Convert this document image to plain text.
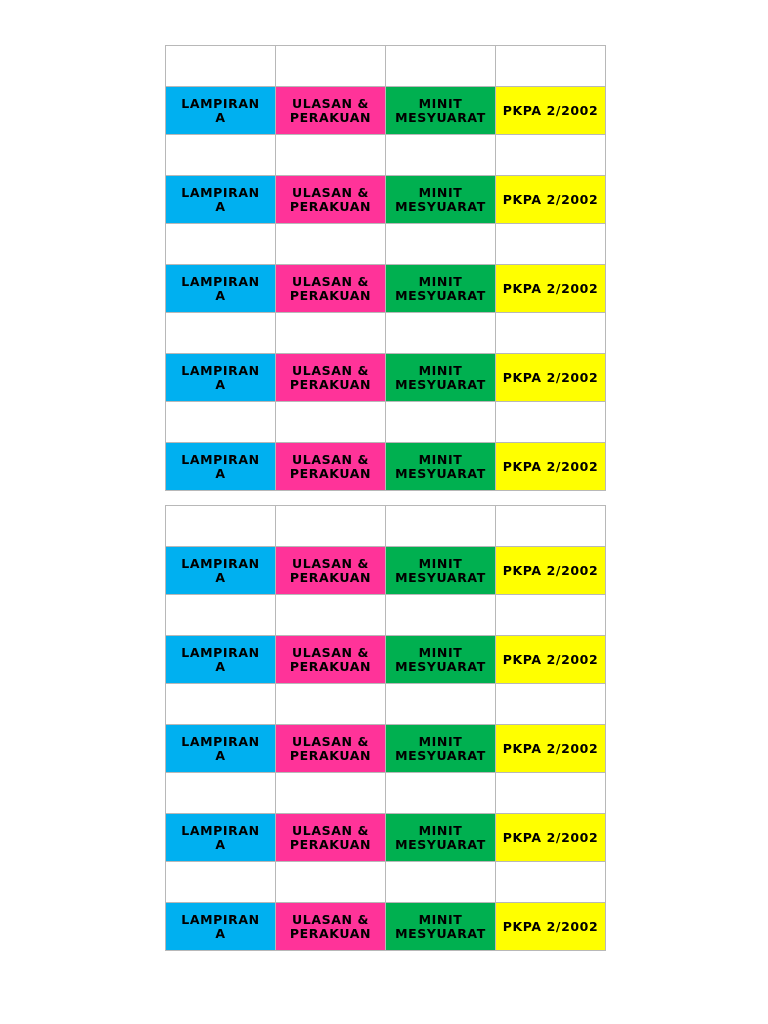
LAMPIRAN A	ULASAN & PERAKUAN	MINIT MESYUARAT	PKPA 2/2002

LAMPIRAN A	ULASAN & PERAKUAN	MINIT MESYUARAT	PKPA 2/2002

LAMPIRAN A	ULASAN & PERAKUAN	MINIT MESYUARAT	PKPA 2/2002

LAMPIRAN A	ULASAN & PERAKUAN	MINIT MESYUARAT	PKPA 2/2002

LAMPIRAN A	ULASAN & PERAKUAN	MINIT MESYUARAT	PKPA 2/2002

LAMPIRAN A	ULASAN & PERAKUAN	MINIT MESYUARAT	PKPA 2/2002

LAMPIRAN A	ULASAN & PERAKUAN	MINIT MESYUARAT	PKPA 2/2002

LAMPIRAN A	ULASAN & PERAKUAN	MINIT MESYUARAT	PKPA 2/2002

LAMPIRAN A	ULASAN & PERAKUAN	MINIT MESYUARAT	PKPA 2/2002

LAMPIRAN A	ULASAN & PERAKUAN	MINIT MESYUARAT	PKPA 2/2002
